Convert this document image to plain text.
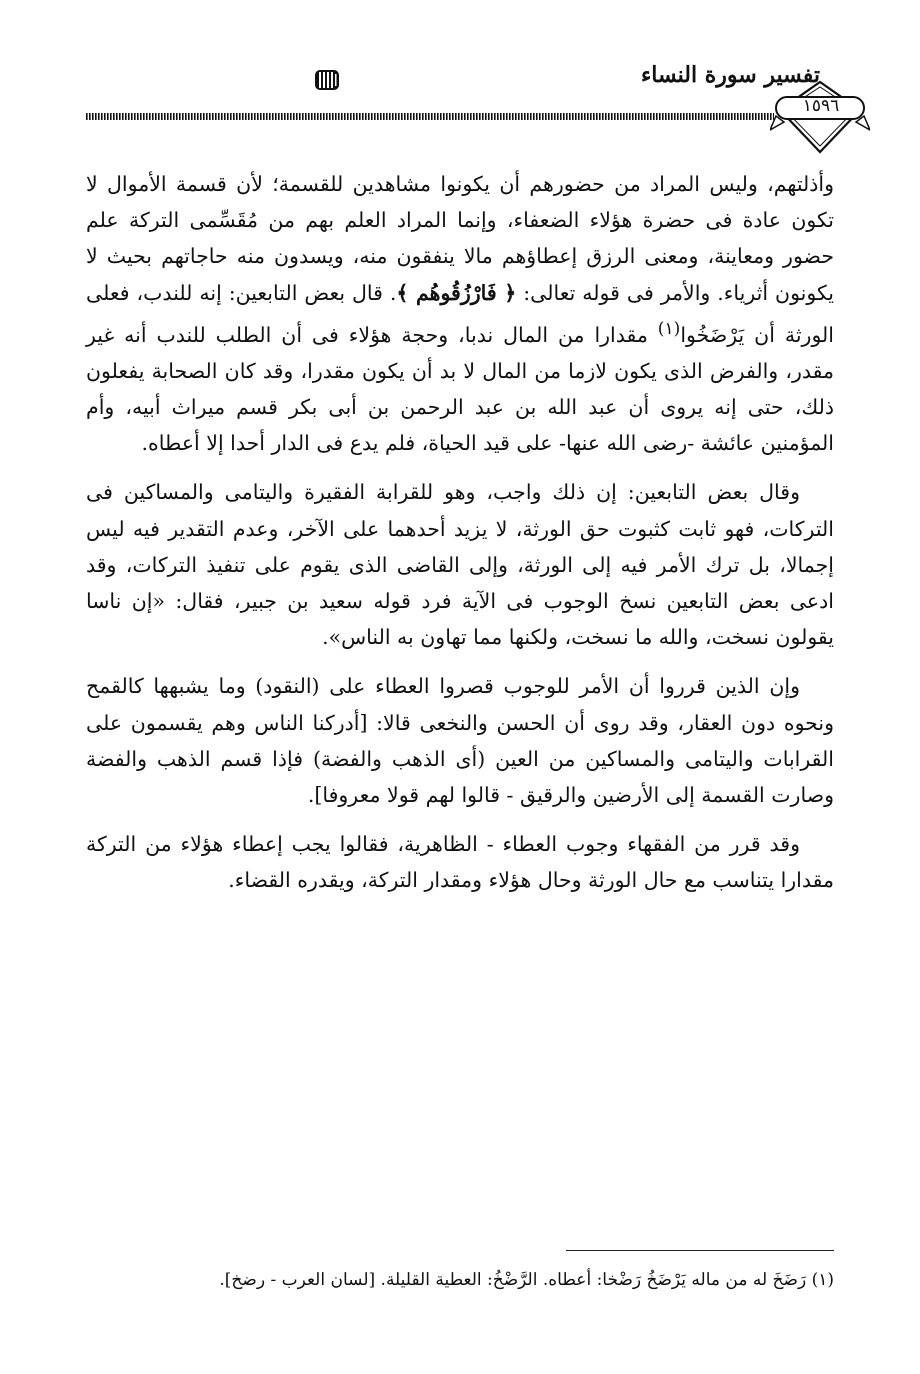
تفسير سورة النساء
١٥٩٦

وأذلتهم، وليس المراد من حضورهم أن يكونوا مشاهدين للقسمة؛ لأن قسمة الأموال لا تكون عادة فى حضرة هؤلاء الضعفاء، وإنما المراد العلم بهم من مُقَسِّمى التركة علم حضور ومعاينة، ومعنى الرزق إعطاؤهم مالا ينفقون منه، ويسدون منه حاجاتهم بحيث لا يكونون أثرياء. والأمر فى قوله تعالى: ﴿ فَارْزُقُوهُم ﴾. قال بعض التابعين: إنه للندب، فعلى الورثة أن يَرْضَخُوا$^{(١)}$ مقدارا من المال ندبا، وحجة هؤلاء فى أن الطلب للندب أنه غير مقدر، والفرض الذى يكون لازما من المال لا بد أن يكون مقدرا، وقد كان الصحابة يفعلون ذلك، حتى إنه يروى أن عبد الله بن عبد الرحمن بن أبى بكر قسم ميراث أبيه، وأم المؤمنين عائشة -رضى الله عنها- على قيد الحياة، فلم يدع فى الدار أحدا إلا أعطاه.

وقال بعض التابعين: إن ذلك واجب، وهو للقرابة الفقيرة واليتامى والمساكين فى التركات، فهو ثابت كثبوت حق الورثة، لا يزيد أحدهما على الآخر، وعدم التقدير فيه ليس إجمالا، بل ترك الأمر فيه إلى الورثة، وإلى القاضى الذى يقوم على تنفيذ التركات، وقد ادعى بعض التابعين نسخ الوجوب فى الآية فرد قوله سعيد بن جبير، فقال: «إن ناسا يقولون نسخت، والله ما نسخت، ولكنها مما تهاون به الناس».

وإن الذين قرروا أن الأمر للوجوب قصروا العطاء على (النقود) وما يشبهها كالقمح ونحوه دون العقار، وقد روى أن الحسن والنخعى قالا: [أدركنا الناس وهم يقسمون على القرابات واليتامى والمساكين من العين (أى الذهب والفضة) فإذا قسم الذهب والفضة وصارت القسمة إلى الأرضين والرقيق - قالوا لهم قولا معروفا].

وقد قرر من الفقهاء وجوب العطاء - الظاهرية، فقالوا يجب إعطاء هؤلاء من التركة مقدارا يتناسب مع حال الورثة وحال هؤلاء ومقدار التركة، ويقدره القضاء.

(١) رَضَخَ له من ماله يَرْضَخُ رَضْخا: أعطاه. الرَّضْخُ: العطية القليلة. [لسان العرب - رضخ].
